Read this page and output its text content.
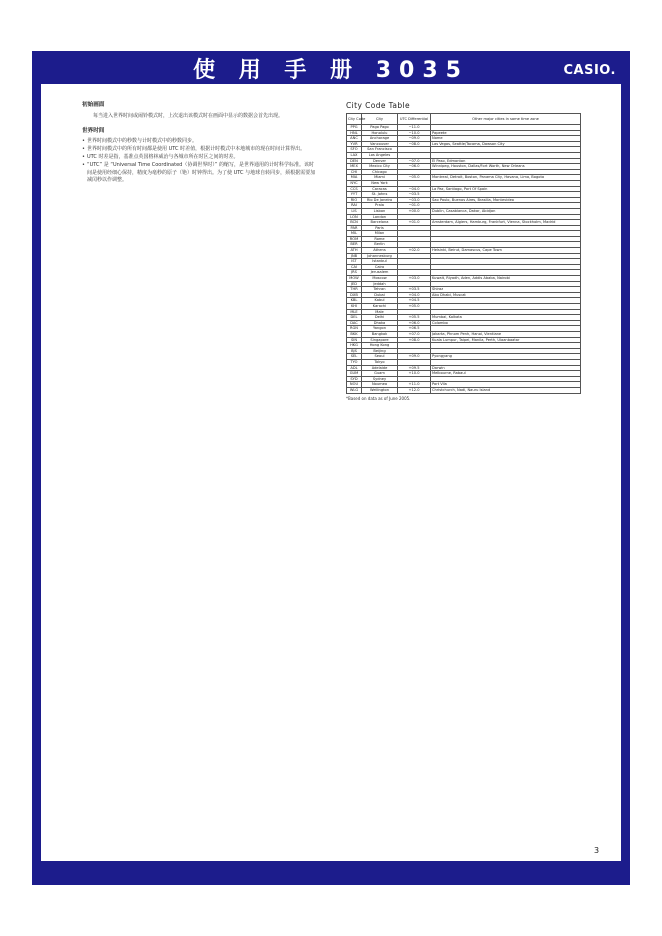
使 用 手 册 3035	CASIO.
初始画面
每当进入世界时间或闹铃模式时，上次退出该模式时在画面中显示的数据会首先出现。
世界时间
• 世界时间模式中的秒数与计时模式中的秒数同步。
• 世界时间模式中的所有时间都是使用 UTC 时差值，根据计时模式中本地城市的现在时间计算得出。
• UTC 时差是指，基准点英国格林威治与各城市所在时区之间的时差。
• “UTC” 是 “Universal Time Coordinated（协调世界时）” 的缩写，是世界通用的计时科学标准。该时间是使用经细心保持，精度为毫秒的原子（铯）时钟得出。为了使 UTC 与地球自转同步，须根据需要加减闰秒以作调整。
City Code Table
City Code	City	UTC Differential	Other major cities in same time zone
PPG	Pago Pago	−11.0	
HNL	Honolulu	−10.0	Papeete
ANC	Anchorage	−09.0	Nome
YVR	Vancouver	−08.0	Las Vegas, Seattle/Tacoma, Dawson City
SFO	San Francisco		
LAX	Los Angeles		
DEN	Denver	−07.0	El Paso, Edmonton
MEX	Mexico City	−06.0	Winnipeg, Houston, Dallas/Fort Worth, New Orleans
CHI	Chicago		
MIA	Miami	−05.0	Montreal, Detroit, Boston, Panama City, Havana, Lima, Bogota
NYC	New York		
CCS	Caracas	−04.0	La Paz, Santiago, Port Of Spain
YYT	St. Johns	−03.5	
RIO	Rio De Janeiro	−03.0	Sao Paulo, Buenos Aires, Brasilia, Montevideo
RAI	Praia	−01.0	
LIS	Lisbon	+00.0	Dublin, Casablanca, Dakar, Abidjan
LON	London		
BCN	Barcelona	+01.0	Amsterdam, Algiers, Hamburg, Frankfurt, Vienna, Stockholm, Madrid
PAR	Paris		
MIL	Milan		
ROM	Rome		
BER	Berlin		
ATH	Athens	+02.0	Helsinki, Beirut, Damascus, Cape Town
JNB	Johannesburg		
IST	Istanbul		
CAI	Cairo		
JRS	Jerusalem		
MOW	Moscow	+03.0	Kuwait, Riyadh, Aden, Addis Ababa, Nairobi
JED	Jeddah		
THR	Tehran	+03.5	Shiraz
DXB	Dubai	+04.0	Abu Dhabi, Muscat
KBL	Kabul	+04.5	
KHI	Karachi	+05.0	
MLE	Male		
DEL	Delhi	+05.5	Mumbai, Kolkata
DAC	Dhaka	+06.0	Colombo
RGN	Yangon	+06.5	
BKK	Bangkok	+07.0	Jakarta, Phnom Penh, Hanoi, Vientiane
SIN	Singapore	+08.0	Kuala Lumpur, Taipei, Manila, Perth, Ulaanbaatar
HKG	Hong Kong		
BJS	Beijing		
SEL	Seoul	+09.0	Pyongyang
TYO	Tokyo		
ADL	Adelaide	+09.5	Darwin
GUM	Guam	+10.0	Melbourne, Rabaul
SYD	Sydney		
NOU	Noumea	+11.0	Port Vila
WLG	Wellington	+12.0	Christchurch, Nadi, Nauru Island
*Based on data as of June 2005.
3
